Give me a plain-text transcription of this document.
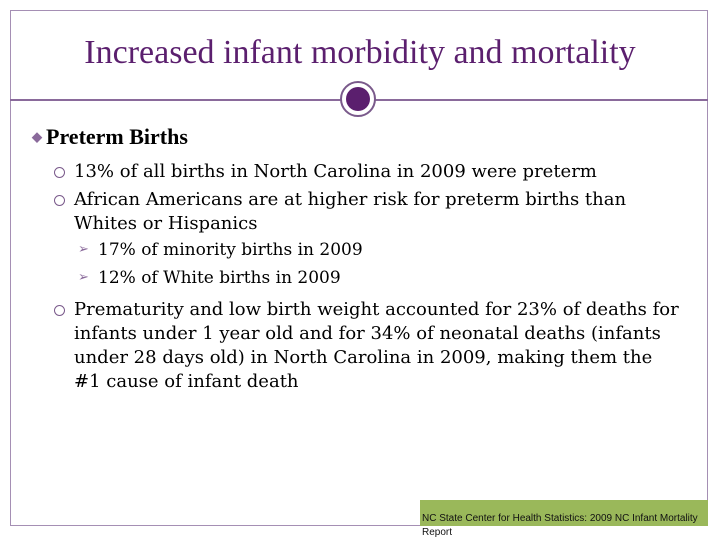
Increased infant morbidity and mortality
◆ Preterm Births
13% of all births in North Carolina in 2009 were preterm
African Americans are at higher risk for preterm births than Whites or Hispanics
➢ 17% of minority births in 2009
➢ 12% of White births in 2009
Prematurity and low birth weight accounted for 23% of deaths for infants under 1 year old and for 34% of neonatal deaths (infants under 28 days old) in North Carolina in 2009, making them the #1 cause of infant death
NC State Center for Health Statistics: 2009 NC Infant Mortality Report
